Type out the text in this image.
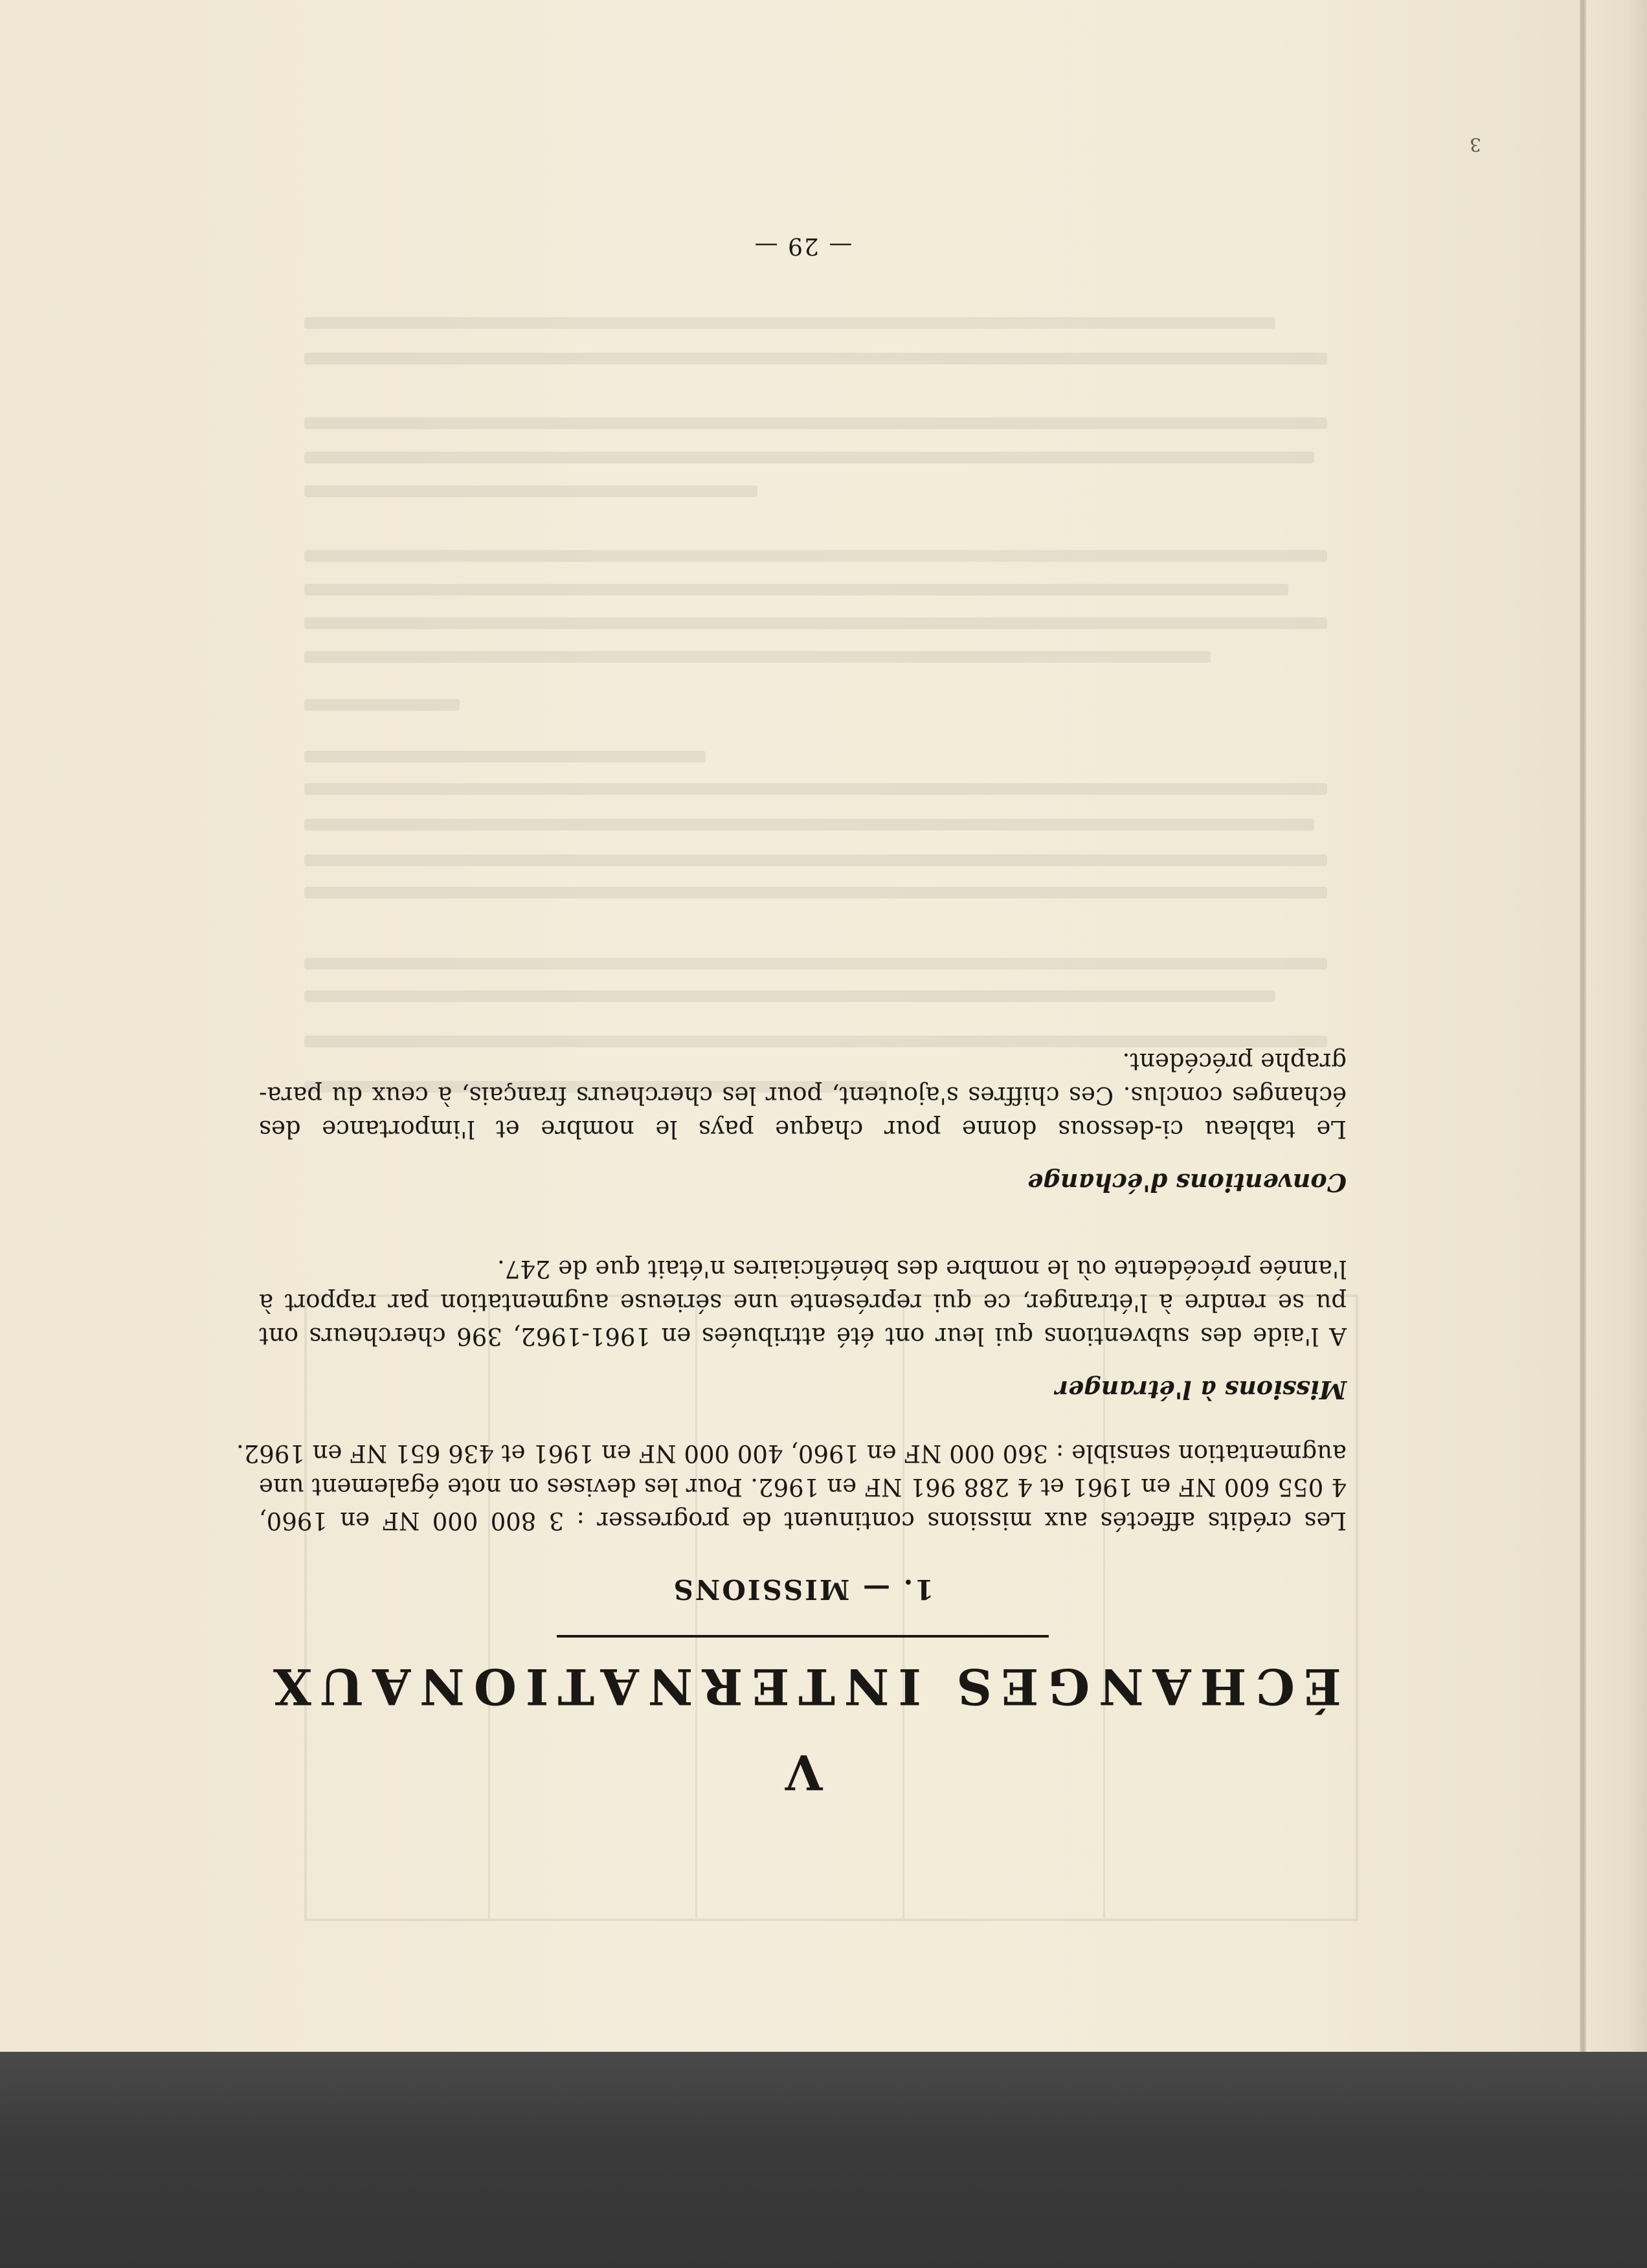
V
ÉCHANGES INTERNATIONAUX
1. — MISSIONS

Les crédits affectés aux missions continuent de progresser : 3 800 000 NF en 1960,
4 055 600 NF en 1961 et 4 288 961 NF en 1962. Pour les devises on note également une
augmentation sensible : 360 000 NF en 1960, 400 000 NF en 1961 et 436 651 NF en 1962.

Missions à l'étranger

A l'aide des subventions qui leur ont été attribuées en 1961-1962, 396 chercheurs ont
pu se rendre à l'étranger, ce qui représente une sérieuse augmentation par rapport à
l'année précédente où le nombre des bénéficiaires n'était que de 247.

Conventions d'échange

Le tableau ci-dessous donne pour chaque pays le nombre et l'importance des
échanges conclus. Ces chiffres s'ajoutent, pour les chercheurs français, à ceux du para-
graphe précédent.

— 29 —
3
